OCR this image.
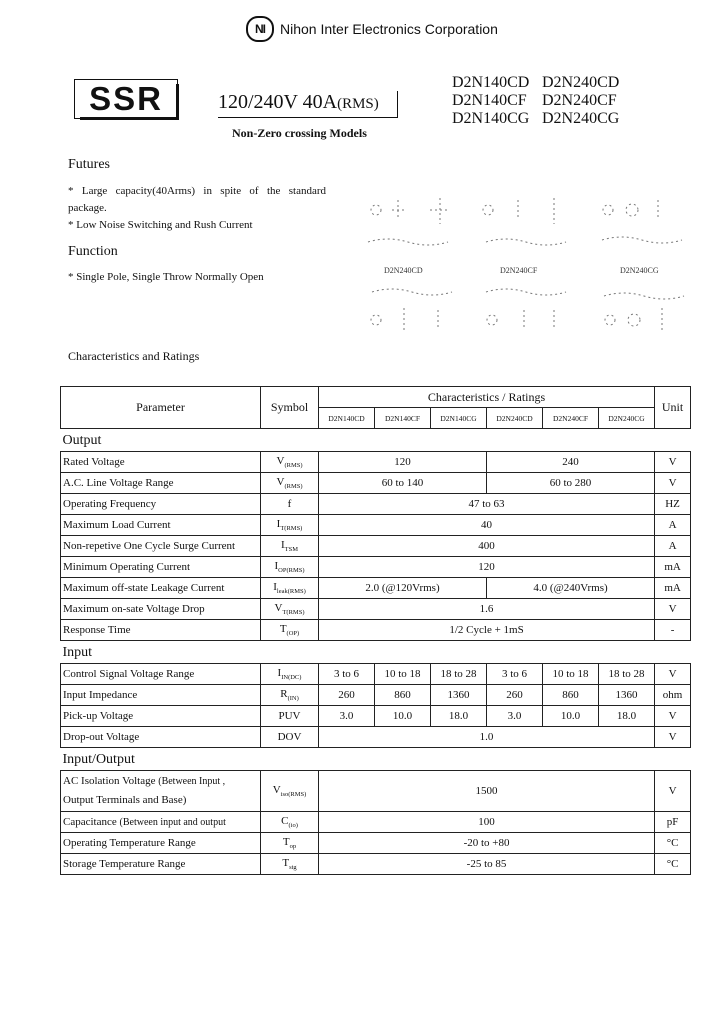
NI Nihon Inter Electronics Corporation
SSR	120/240V 40A(RMS)
D2N140CD D2N240CD
D2N140CF D2N240CF
D2N140CG D2N240CG
Non-Zero crossing Models
Futures
* Large capacity(40Arms) in spite of the standard package.
* Low Noise Switching and Rush Current
Function
* Single Pole, Single Throw Normally Open
D2N240CD	D2N240CF	D2N240CG
Characteristics and Ratings
Parameter	Symbol	Characteristics / Ratings						Unit
		D2N140CD	D2N140CF	D2N140CG	D2N240CD	D2N240CF	D2N240CG	
Output								
Rated Voltage	$V_{(RMS)}$	120			240			V
A.C. Line Voltage Range	$V_{(RMS)}$	60 to 140			60 to 280			V
Operating Frequency	f	47 to 63						HZ
Maximum Load Current	$I_{T(RMS)}$	40						A
Non-repetive One Cycle Surge Current	$I_{TSM}$	400						A
Minimum Operating Current	$I_{OP(RMS)}$	120						mA
Maximum off-state Leakage Current	$I_{leak(RMS)}$	2.0 (@120Vrms)			4.0 (@240Vrms)			mA
Maximum on-sate Voltage Drop	$V_{T(RMS)}$	1.6						V
Response Time	$T_{(OP)}$	1/2 Cycle + 1mS						-
Input								
Control Signal Voltage Range	$I_{IN(DC)}$	3 to 6	10 to 18	18 to 28	3 to 6	10 to 18	18 to 28	V
Input Impedance	$R_{(IN)}$	260	860	1360	260	860	1360	ohm
Pick-up Voltage	PUV	3.0	10.0	18.0	3.0	10.0	18.0	V
Drop-out Voltage	DOV	1.0						V
Input/Output								
AC Isolation Voltage (Between Input ,
Output Terminals and Base)	$V_{iso(RMS)}$	1500						V
Capacitance (Between input and output	$C_{(io)}$	100						pF
Operating Temperature Range	$T_{op}$	-20 to +80						°C
Storage Temperature Range	$T_{stg}$	-25 to 85						°C
